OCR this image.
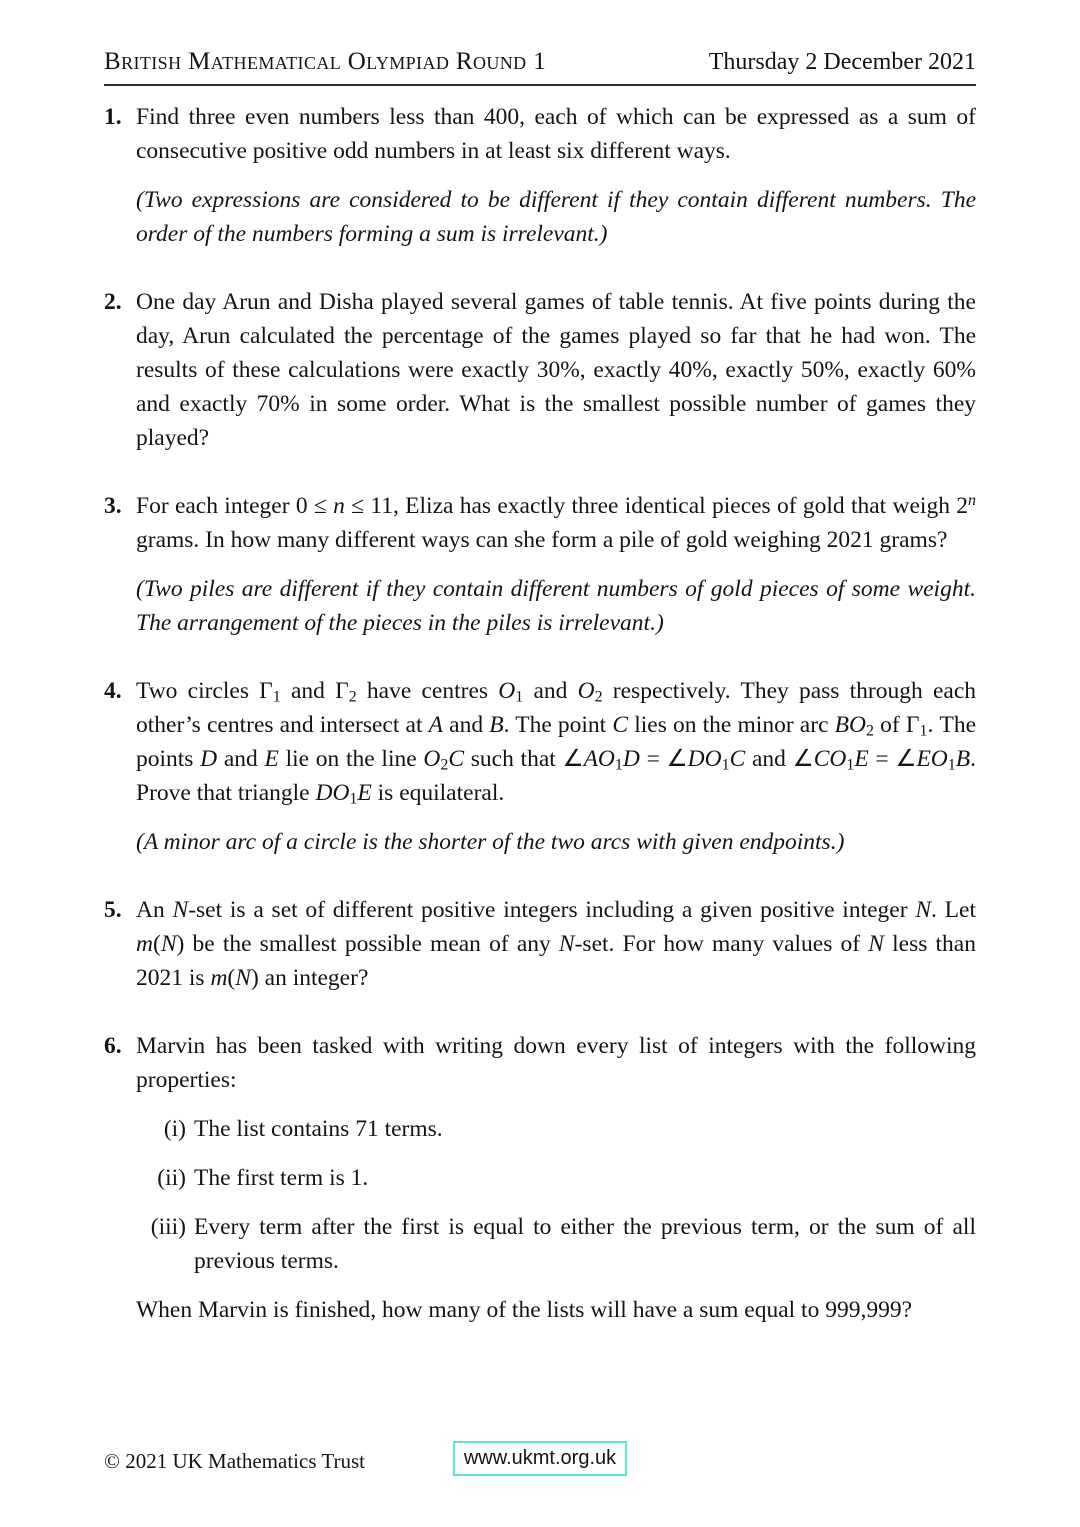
British Mathematical Olympiad Round 1	Thursday 2 December 2021
1. Find three even numbers less than 400, each of which can be expressed as a sum of consecutive positive odd numbers in at least six different ways.
(Two expressions are considered to be different if they contain different numbers. The order of the numbers forming a sum is irrelevant.)
2. One day Arun and Disha played several games of table tennis. At five points during the day, Arun calculated the percentage of the games played so far that he had won. The results of these calculations were exactly 30%, exactly 40%, exactly 50%, exactly 60% and exactly 70% in some order. What is the smallest possible number of games they played?
3. For each integer 0 ≤ n ≤ 11, Eliza has exactly three identical pieces of gold that weigh 2$^n$ grams. In how many different ways can she form a pile of gold weighing 2021 grams?
(Two piles are different if they contain different numbers of gold pieces of some weight. The arrangement of the pieces in the piles is irrelevant.)
4. Two circles $\Gamma_1$ and $\Gamma_2$ have centres $O_1$ and $O_2$ respectively. They pass through each other’s centres and intersect at A and B. The point C lies on the minor arc $BO_2$ of $\Gamma_1$. The points D and E lie on the line $O_2C$ such that $\angle AO_1D$ = $\angle DO_1C$ and $\angle CO_1E$ = $\angle EO_1B$. Prove that triangle $DO_1E$ is equilateral.
(A minor arc of a circle is the shorter of the two arcs with given endpoints.)
5. An N-set is a set of different positive integers including a given positive integer N. Let m(N) be the smallest possible mean of any N-set. For how many values of N less than 2021 is m(N) an integer?
6. Marvin has been tasked with writing down every list of integers with the following properties:
(i) The list contains 71 terms.
(ii) The first term is 1.
(iii) Every term after the first is equal to either the previous term, or the sum of all previous terms.
When Marvin is finished, how many of the lists will have a sum equal to 999,999?
© 2021 UK Mathematics Trust	www.ukmt.org.uk
